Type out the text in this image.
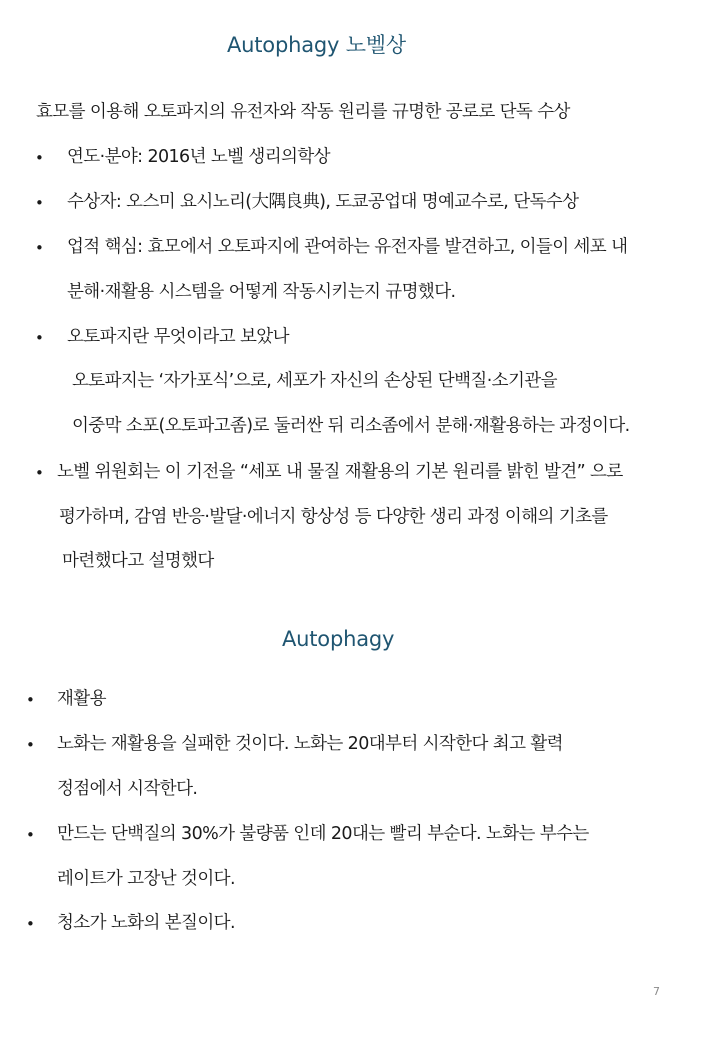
Autophagy 노벨상
효모를 이용해 오토파지의 유전자와 작동 원리를 규명한 공로로 단독 수상
• 연도·분야: 2016년 노벨 생리의학상
• 수상자: 오스미 요시노리(大隅良典), 도쿄공업대 명예교수로, 단독수상
• 업적 핵심: 효모에서 오토파지에 관여하는 유전자를 발견하고, 이들이 세포 내
분해·재활용 시스템을 어떻게 작동시키는지 규명했다.
• 오토파지란 무엇이라고 보았나
오토파지는 ‘자가포식’으로, 세포가 자신의 손상된 단백질·소기관을
이중막 소포(오토파고좀)로 둘러싼 뒤 리소좀에서 분해·재활용하는 과정이다.
• 노벨 위원회는 이 기전을 “세포 내 물질 재활용의 기본 원리를 밝힌 발견” 으로
평가하며, 감염 반응·발달·에너지 항상성 등 다양한 생리 과정 이해의 기초를
마련했다고 설명했다
Autophagy
• 재활용
• 노화는 재활용을 실패한 것이다. 노화는 20대부터 시작한다 최고 활력
정점에서 시작한다.
• 만드는 단백질의 30%가 불량품 인데 20대는 빨리 부순다. 노화는 부수는
레이트가 고장난 것이다.
• 청소가 노화의 본질이다.
7
